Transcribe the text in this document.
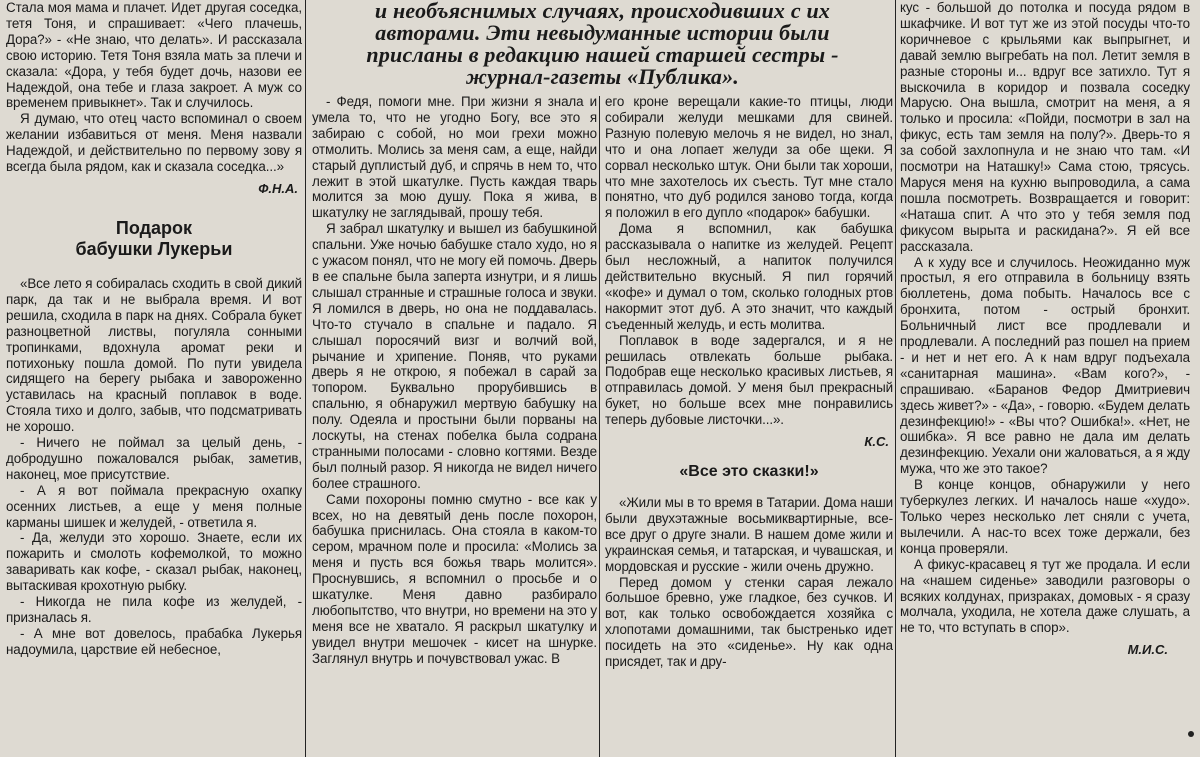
и необъяснимых случаях, происходивших с их
авторами. Эти невыдуманные истории были
присланы в редакцию нашей старшей сестры -
журнал-газеты «Публика».

Стала моя мама и плачет. Идет другая соседка, тетя Тоня, и спрашивает: «Чего плачешь, Дора?» - «Не знаю, что делать». И рассказала свою историю. Тетя Тоня взяла мать за плечи и сказала: «Дора, у тебя будет дочь, назови ее Надеждой, она тебе и глаза закроет. А муж со временем привыкнет». Так и случилось.

Я думаю, что отец часто вспоминал о своем желании избавиться от меня. Меня назвали Надеждой, и действительно по первому зову я всегда была рядом, как и сказала соседка...»

Ф.Н.А.
Подарок
бабушки Лукерьи

«Все лето я собиралась сходить в свой дикий парк, да так и не выбрала время. И вот решила, сходила в парк на днях. Собрала букет разноцветной листвы, погуляла сонными тропинками, вдохнула аромат реки и потихоньку пошла домой. По пути увидела сидящего на берегу рыбака и завороженно уставилась на красный поплавок в воде. Стояла тихо и долго, забыв, что подсматривать не хорошо.

- Ничего не поймал за целый день, - добродушно пожаловался рыбак, заметив, наконец, мое присутствие.

- А я вот поймала прекрасную охапку осенних листьев, а еще у меня полные карманы шишек и желудей, - ответила я.

- Да, желуди это хорошо. Знаете, если их пожарить и смолоть кофемолкой, то можно заваривать как кофе, - сказал рыбак, наконец, вытаскивая крохотную рыбку.

- Никогда не пила кофе из желудей, - призналась я.

- А мне вот довелось, прабабка Лукерья надоумила, царствие ей небесное,

- Федя, помоги мне. При жизни я знала и умела то, что не угодно Богу, все это я забираю с собой, но мои грехи можно отмолить. Молись за меня сам, а еще, найди старый дуплистый дуб, и спрячь в нем то, что лежит в этой шкатулке. Пусть каждая тварь молится за мою душу. Пока я жива, в шкатулку не заглядывай, прошу тебя.

Я забрал шкатулку и вышел из бабушкиной спальни. Уже ночью бабушке стало худо, но я с ужасом понял, что не могу ей помочь. Дверь в ее спальне была заперта изнутри, и я лишь слышал странные и страшные голоса и звуки. Я ломился в дверь, но она не поддавалась. Что-то стучало в спальне и падало. Я слышал поросячий визг и волчий вой, рычание и хрипение. Поняв, что руками дверь я не открою, я побежал в сарай за топором. Буквально прорубившись в спальню, я обнаружил мертвую бабушку на полу. Одеяла и простыни были порваны на лоскуты, на стенах побелка была содрана странными полосами - словно когтями. Везде был полный разор. Я никогда не видел ничего более страшного.

Сами похороны помню смутно - все как у всех, но на девятый день после похорон, бабушка приснилась. Она стояла в каком-то сером, мрачном поле и просила: «Молись за меня и пусть вся божья тварь молится». Проснувшись, я вспомнил о просьбе и о шкатулке. Меня давно разбирало любопытство, что внутри, но времени на это у меня все не хватало. Я раскрыл шкатулку и увидел внутри мешочек - кисет на шнурке. Заглянул внутрь и почувствовал ужас. В

его кроне верещали какие-то птицы, люди собирали желуди мешками для свиней. Разную полевую мелочь я не видел, но знал, что и она лопает желуди за обе щеки. Я сорвал несколько штук. Они были так хороши, что мне захотелось их съесть. Тут мне стало понятно, что дуб родился заново тогда, когда я положил в его дупло «подарок» бабушки.

Дома я вспомнил, как бабушка рассказывала о напитке из желудей. Рецепт был несложный, а напиток получился действительно вкусный. Я пил горячий «кофе» и думал о том, сколько голодных ртов накормит этот дуб. А это значит, что каждый съеденный желудь, и есть молитва.

Поплавок в воде задергался, и я не решилась отвлекать больше рыбака. Подобрав еще несколько красивых листьев, я отправилась домой. У меня был прекрасный букет, но больше всех мне понравились теперь дубовые листочки...».

К.С.
«Все это сказки!»

«Жили мы в то время в Татарии. Дома наши были двухэтажные восьмиквартирные, все-все друг о друге знали. В нашем доме жили и украинская семья, и татарская, и чувашская, и мордовская и русские - жили очень дружно.

Перед домом у стенки сарая лежало большое бревно, уже гладкое, без сучков. И вот, как только освобождается хозяйка с хлопотами домашними, так быстренько идет посидеть на это «сиденье». Ну как одна присядет, так и дру-

кус - большой до потолка и посуда рядом в шкафчике. И вот тут же из этой посуды что-то коричневое с крыльями как выпрыгнет, и давай землю выгребать на пол. Летит земля в разные стороны и... вдруг все затихло. Тут я выскочила в коридор и позвала соседку Марусю. Она вышла, смотрит на меня, а я только и просила: «Пойди, посмотри в зал на фикус, есть там земля на полу?». Дверь-то я за собой захлопнула и не знаю что там. «И посмотри на Наташку!» Сама стою, трясусь. Маруся меня на кухню выпроводила, а сама пошла посмотреть. Возвращается и говорит: «Наташа спит. А что это у тебя земля под фикусом вырыта и раскидана?». Я ей все рассказала.

А к худу все и случилось. Неожиданно муж простыл, я его отправила в больницу взять бюллетень, дома побыть. Началось все с бронхита, потом - острый бронхит. Больничный лист все продлевали и продлевали. А последний раз пошел на прием - и нет и нет его. А к нам вдруг подъехала «санитарная машина». «Вам кого?», - спрашиваю. «Баранов Федор Дмитриевич здесь живет?» - «Да», - говорю. «Будем делать дезинфекцию!» - «Вы что? Ошибка!». «Нет, не ошибка». Я все равно не дала им делать дезинфекцию. Уехали они жаловаться, а я жду мужа, что же это такое?

В конце концов, обнаружили у него туберкулез легких. И началось наше «худо». Только через несколько лет сняли с учета, вылечили. А нас-то всех тоже держали, без конца проверяли.

А фикус-красавец я тут же продала. И если на «нашем сиденье» заводили разговоры о всяких колдунах, призраках, домовых - я сразу молчала, уходила, не хотела даже слушать, а не то, что вступать в спор».

М.И.С.
